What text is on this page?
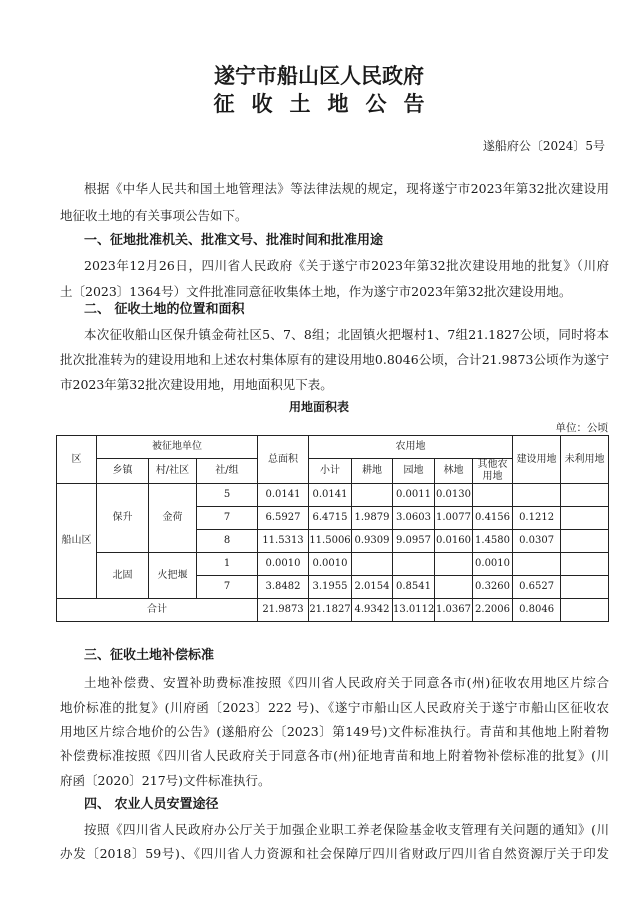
遂宁市船山区人民政府
征收土地公告
遂船府公〔2024〕5号
根据《中华人民共和国土地管理法》等法律法规的规定，现将遂宁市2023年第32批次建设用
地征收土地的有关事项公告如下。
一、征地批准机关、批准文号、批准时间和批准用途
2023年12月26日，四川省人民政府《关于遂宁市2023年第32批次建设用地的批复》（川府
土〔2023〕1364号）文件批准同意征收集体土地，作为遂宁市2023年第32批次建设用地。
二、 征收土地的位置和面积
本次征收船山区保升镇金荷社区5、7、8组；北固镇火把堰村1、7组21.1827公顷，同时将本
批次批准转为的建设用地和上述农村集体原有的建设用地0.8046公顷，合计21.9873公顷作为遂宁
市2023年第32批次建设用地，用地面积见下表。
用地面积表
单位：公顷
区	被征地单位			总面积	农用地					建设用地	未利用地
	乡镇	村/社区	社/组		小计	耕地	园地	林地	其他农用地		
船山区	保升	金荷	5	0.0141	0.0141		0.0011	0.0130			
			7	6.5927	6.4715	1.9879	3.0603	1.0077	0.4156	0.1212	
			8	11.5313	11.5006	0.9309	9.0957	0.0160	1.4580	0.0307	
	北固	火把堰	1	0.0010	0.0010				0.0010		
			7	3.8482	3.1955	2.0154	0.8541		0.3260	0.6527	
合计				21.9873	21.1827	4.9342	13.0112	1.0367	2.2006	0.8046	
三、征收土地补偿标准
土地补偿费、安置补助费标准按照《四川省人民政府关于同意各市(州)征收农用地区片综合
地价标准的批复》(川府函〔2023〕222 号)、《遂宁市船山区人民政府关于遂宁市船山区征收农
用地区片综合地价的公告》(遂船府公〔2023〕第149号)文件标准执行。青苗和其他地上附着物
补偿费标准按照《四川省人民政府关于同意各市(州)征地青苗和地上附着物补偿标准的批复》(川
府函〔2020〕217号)文件标准执行。
四、 农业人员安置途径
按照《四川省人民政府办公厅关于加强企业职工养老保险基金收支管理有关问题的通知》(川
办发〔2018〕59号)、《四川省人力资源和社会保障厅四川省财政厅四川省自然资源厅关于印发
